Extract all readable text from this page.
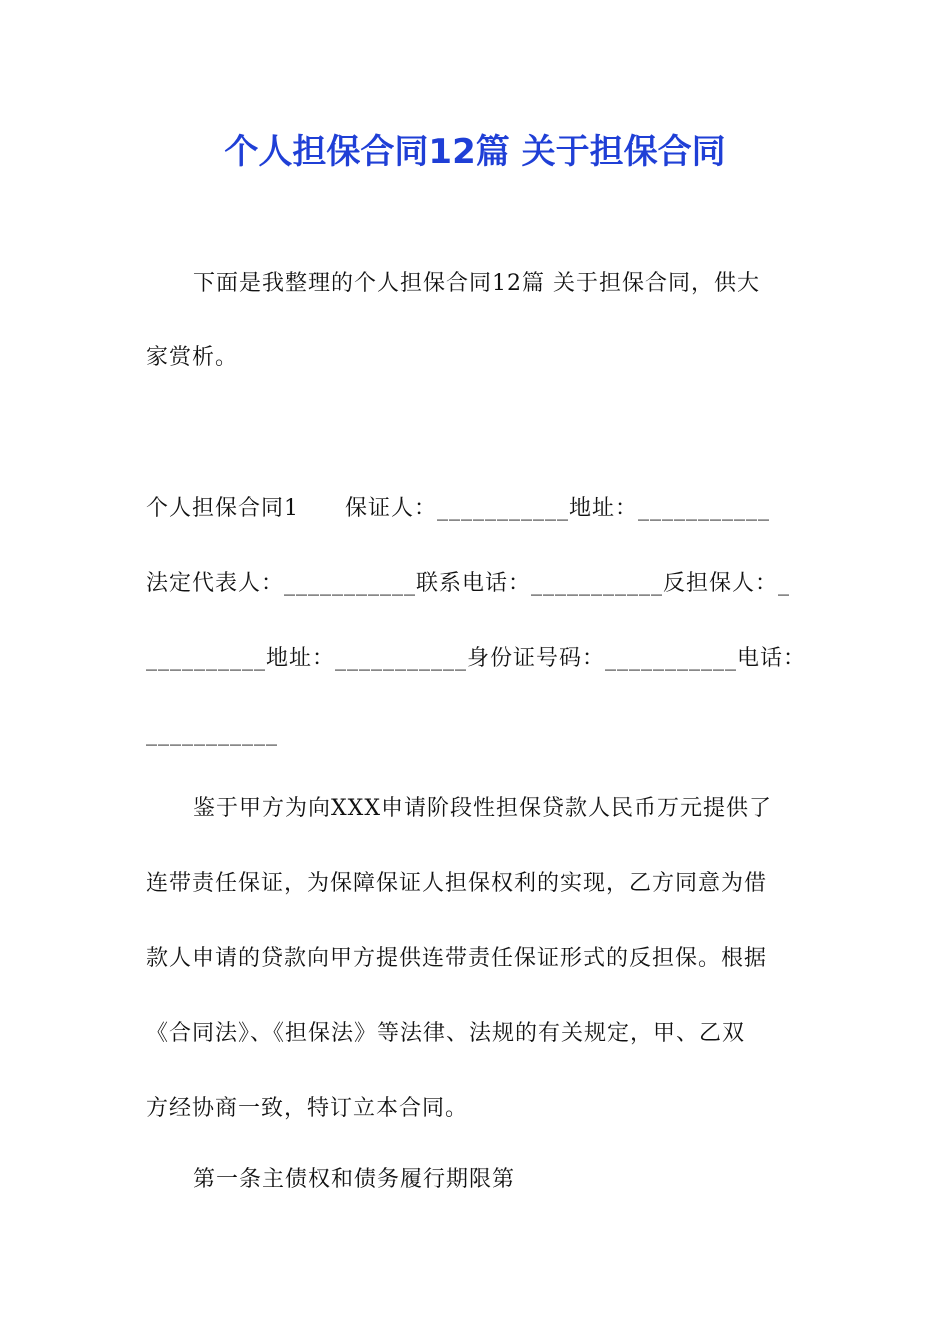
个人担保合同12篇 关于担保合同
下面是我整理的个人担保合同12篇 关于担保合同，供大
家赏析。
个人担保合同1　　保证人：___________地址：___________
法定代表人：___________联系电话：___________反担保人：_
__________地址：___________身份证号码：___________电话：
___________
鉴于甲方为向XXX申请阶段性担保贷款人民币万元提供了
连带责任保证，为保障保证人担保权利的实现，乙方同意为借
款人申请的贷款向甲方提供连带责任保证形式的反担保。根据
《合同法》、《担保法》等法律、法规的有关规定，甲、乙双
方经协商一致，特订立本合同。
第一条主债权和债务履行期限第
